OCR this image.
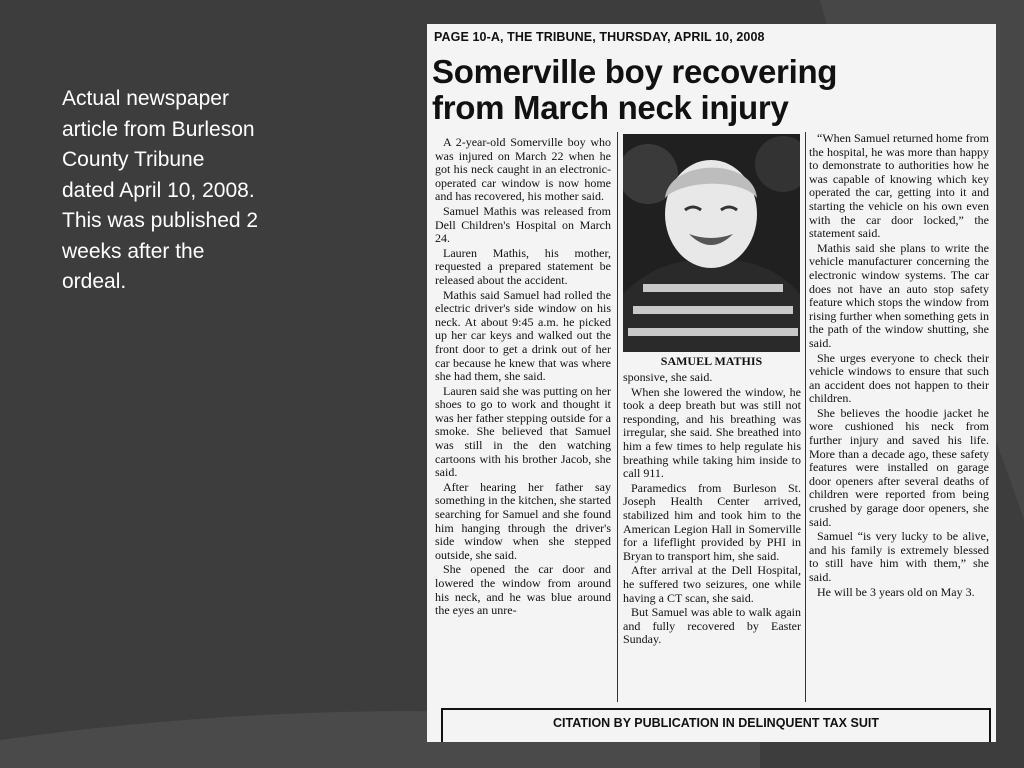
Actual newspaper
article from Burleson
County Tribune
dated April 10, 2008.
This was published 2
weeks after the
ordeal.
PAGE 10-A, THE TRIBUNE, THURSDAY, APRIL 10, 2008
Somerville boy recovering
from March neck injury

A 2-year-old Somerville boy who was injured on March 22 when he got his neck caught in an electronic-operated car window is now home and has recovered, his mother said.

Samuel Mathis was released from Dell Children's Hospital on March 24.

Lauren Mathis, his mother, requested a prepared statement be released about the accident.

Mathis said Samuel had rolled the electric driver's side window on his neck. At about 9:45 a.m. he picked up her car keys and walked out the front door to get a drink out of her car because he knew that was where she had them, she said.

Lauren said she was putting on her shoes to go to work and thought it was her father stepping outside for a smoke. She believed that Samuel was still in the den watching cartoons with his brother Jacob, she said.

After hearing her father say something in the kitchen, she started searching for Samuel and she found him hanging through the driver's side window when she stepped outside, she said.

She opened the car door and lowered the window from around his neck, and he was blue around the eyes an unre-

SAMUEL MATHIS

sponsive, she said.

When she lowered the window, he took a deep breath but was still not responding, and his breathing was irregular, she said. She breathed into him a few times to help regulate his breathing while taking him inside to call 911.

Paramedics from Burleson St. Joseph Health Center arrived, stabilized him and took him to the American Legion Hall in Somerville for a lifeflight provided by PHI in Bryan to transport him, she said.

After arrival at the Dell Hospital, he suffered two seizures, one while having a CT scan, she said.

But Samuel was able to walk again and fully recovered by Easter Sunday.

“When Samuel returned home from the hospital, he was more than happy to demonstrate to authorities how he was capable of knowing which key operated the car, getting into it and starting the vehicle on his own even with the car door locked,” the statement said.

Mathis said she plans to write the vehicle manufacturer concerning the electronic window systems. The car does not have an auto stop safety feature which stops the window from rising further when something gets in the path of the window shutting, she said.

She urges everyone to check their vehicle windows to ensure that such an accident does not happen to their children.

She believes the hoodie jacket he wore cushioned his neck from further injury and saved his life. More than a decade ago, these safety features were installed on garage door openers after several deaths of children were reported from being crushed by garage door openers, she said.

Samuel “is very lucky to be alive, and his family is extremely blessed to still have him with them,” she said.

He will be 3 years old on May 3.

CITATION BY PUBLICATION IN DELINQUENT TAX SUIT
